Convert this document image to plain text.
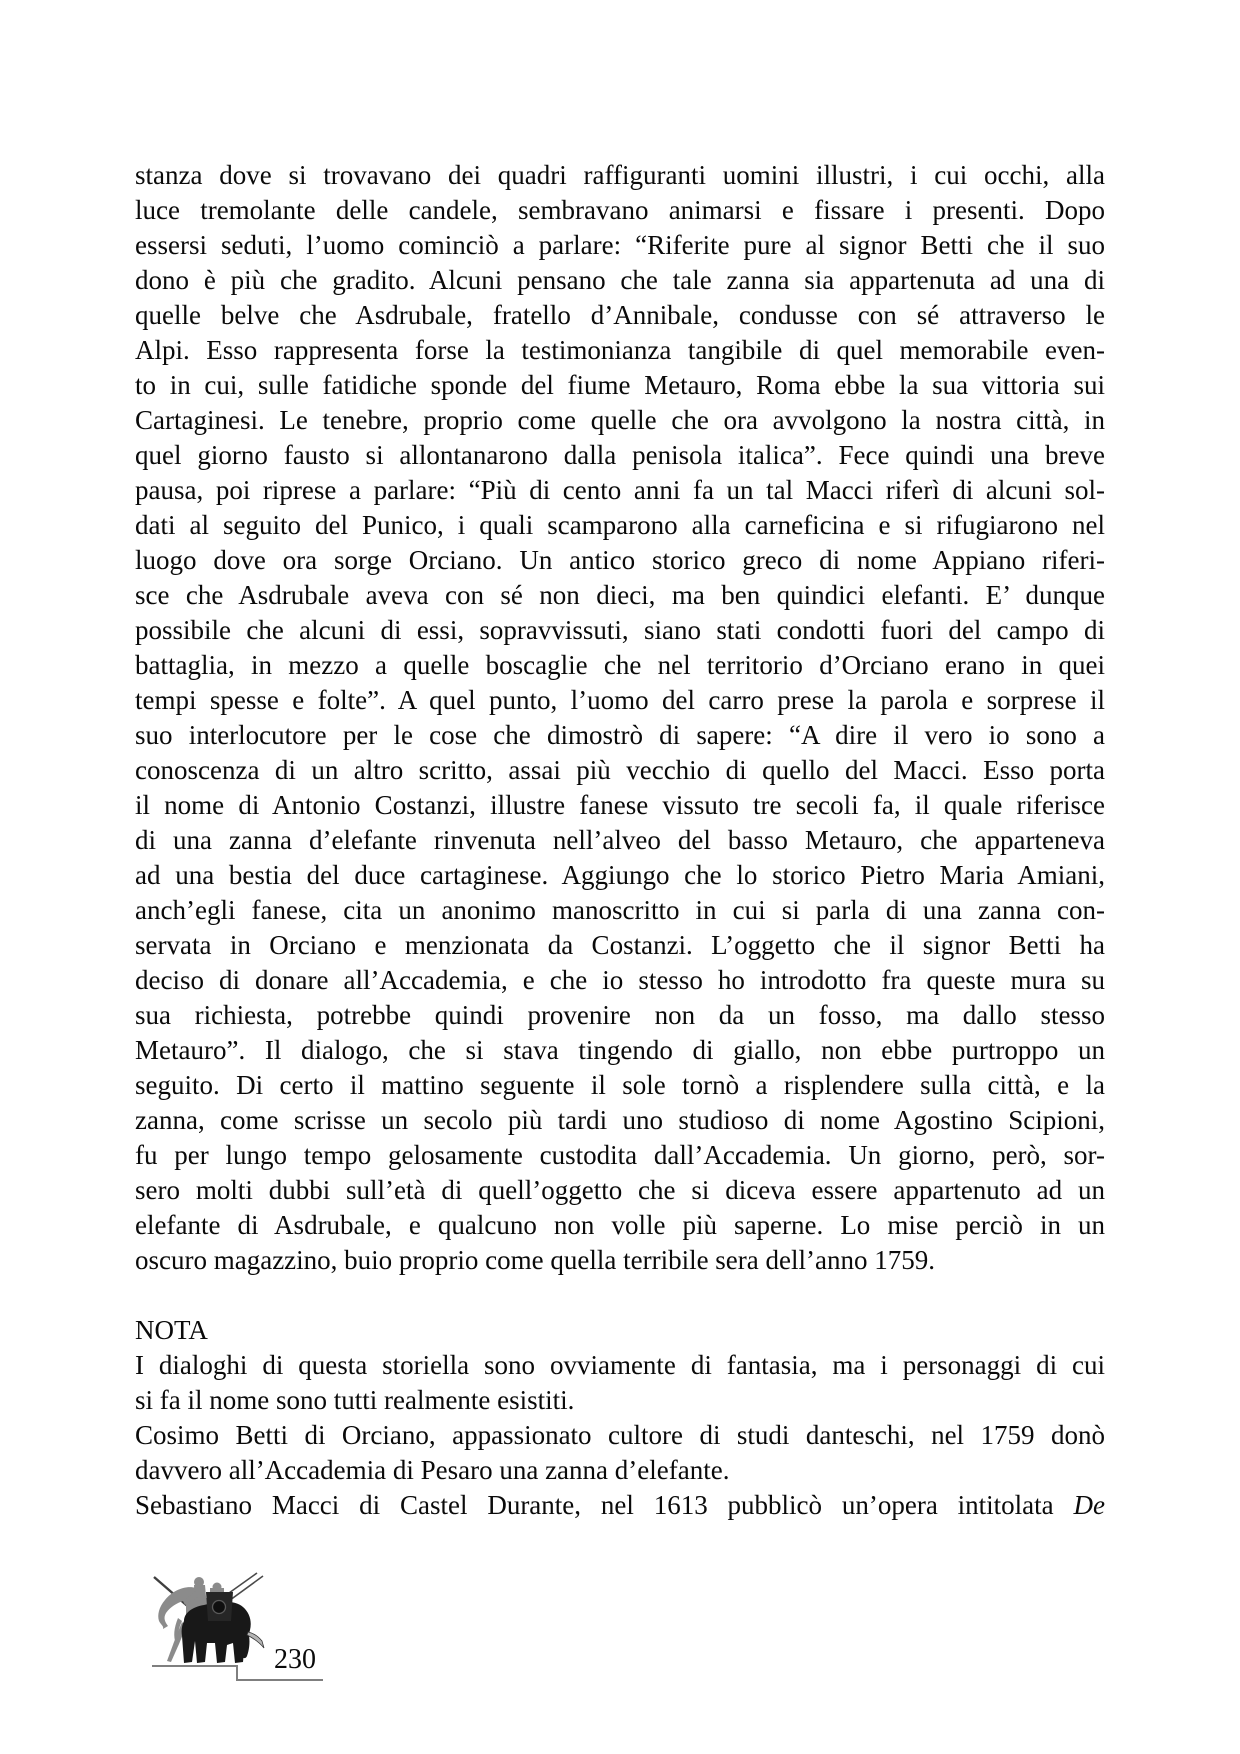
stanza dove si trovavano dei quadri raffiguranti uomini illustri, i cui occhi, alla
luce tremolante delle candele, sembravano animarsi e fissare i presenti. Dopo
essersi seduti, l’uomo cominciò a parlare: “Riferite pure al signor Betti che il suo
dono è più che gradito. Alcuni pensano che tale zanna sia appartenuta ad una di
quelle belve che Asdrubale, fratello d’Annibale, condusse con sé attraverso le
Alpi. Esso rappresenta forse la testimonianza tangibile di quel memorabile even-
to in cui, sulle fatidiche sponde del fiume Metauro, Roma ebbe la sua vittoria sui
Cartaginesi. Le tenebre, proprio come quelle che ora avvolgono la nostra città, in
quel giorno fausto si allontanarono dalla penisola italica”. Fece quindi una breve
pausa, poi riprese a parlare: “Più di cento anni fa un tal Macci riferì di alcuni sol-
dati al seguito del Punico, i quali scamparono alla carneficina e si rifugiarono nel
luogo dove ora sorge Orciano. Un antico storico greco di nome Appiano riferi-
sce che Asdrubale aveva con sé non dieci, ma ben quindici elefanti. E’ dunque
possibile che alcuni di essi, sopravvissuti, siano stati condotti fuori del campo di
battaglia, in mezzo a quelle boscaglie che nel territorio d’Orciano erano in quei
tempi spesse e folte”. A quel punto, l’uomo del carro prese la parola e sorprese il
suo interlocutore per le cose che dimostrò di sapere: “A dire il vero io sono a
conoscenza di un altro scritto, assai più vecchio di quello del Macci. Esso porta
il nome di Antonio Costanzi, illustre fanese vissuto tre secoli fa, il quale riferisce
di una zanna d’elefante rinvenuta nell’alveo del basso Metauro, che apparteneva
ad una bestia del duce cartaginese. Aggiungo che lo storico Pietro Maria Amiani,
anch’egli fanese, cita un anonimo manoscritto in cui si parla di una zanna con-
servata in Orciano e menzionata da Costanzi. L’oggetto che il signor Betti ha
deciso di donare all’Accademia, e che io stesso ho introdotto fra queste mura su
sua richiesta, potrebbe quindi provenire non da un fosso, ma dallo stesso
Metauro”. Il dialogo, che si stava tingendo di giallo, non ebbe purtroppo un
seguito. Di certo il mattino seguente il sole tornò a risplendere sulla città, e la
zanna, come scrisse un secolo più tardi uno studioso di nome Agostino Scipioni,
fu per lungo tempo gelosamente custodita dall’Accademia. Un giorno, però, sor-
sero molti dubbi sull’età di quell’oggetto che si diceva essere appartenuto ad un
elefante di Asdrubale, e qualcuno non volle più saperne. Lo mise perciò in un
oscuro magazzino, buio proprio come quella terribile sera dell’anno 1759.
NOTA
I dialoghi di questa storiella sono ovviamente di fantasia, ma i personaggi di cui
si fa il nome sono tutti realmente esistiti.
Cosimo Betti di Orciano, appassionato cultore di studi danteschi, nel 1759 donò
davvero all’Accademia di Pesaro una zanna d’elefante.
Sebastiano Macci di Castel Durante, nel 1613 pubblicò un’opera intitolata De
230
